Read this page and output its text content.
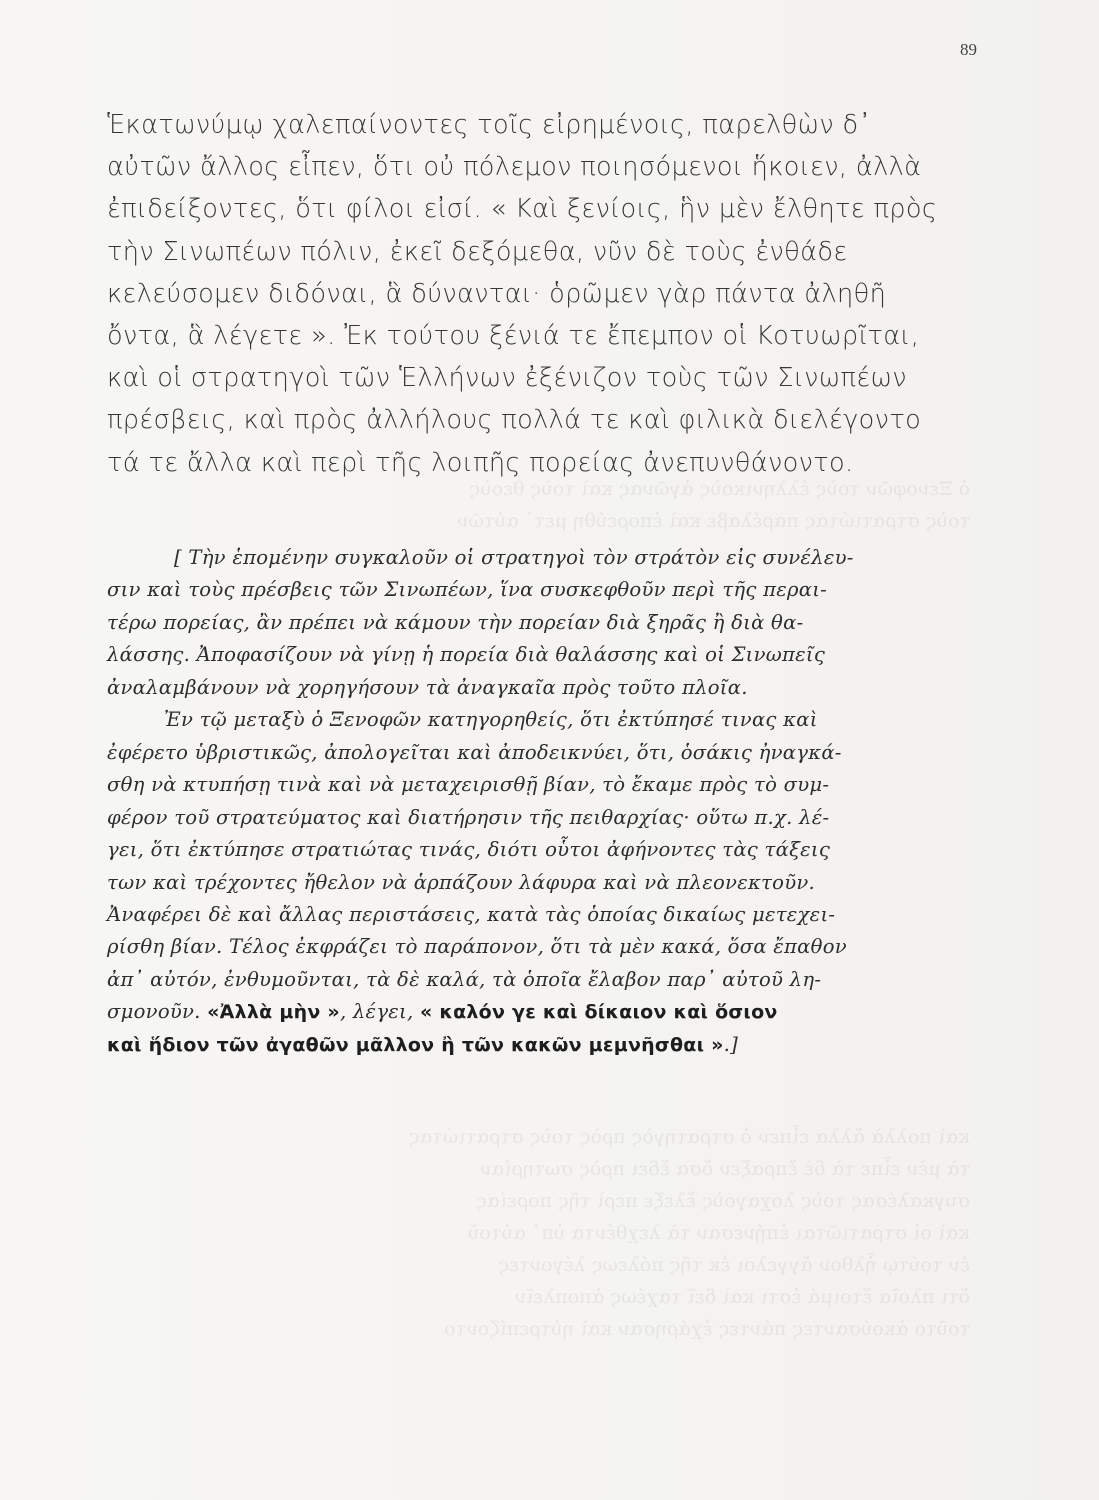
ὁ Ξενοφῶν τοὺς ἑλληνικοὺς ἀγῶνας καὶ τοὺς θεοὺς
τοὺς στρατιώτας παρέλαβε καὶ ἐπορεύθη μετ᾽ αὐτῶν
καὶ πολλὰ ἄλλα εἶπεν ὁ στρατηγὸς πρὸς τοὺς στρατιώτας
τὰ μὲν εἶπε τὰ δὲ ἔπραξεν ὅσα ἔδει πρὸς σωτηρίαν
συγκαλέσας τοὺς λοχαγοὺς ἔλεξε περὶ τῆς πορείας
καὶ οἱ στρατιῶται ἐπῄνεσαν τὰ λεχθέντα ὑπ᾽ αὐτοῦ
ἐν τούτῳ ἦλθον ἄγγελοι ἐκ τῆς πόλεως λέγοντες
ὅτι πλοῖα ἕτοιμά ἐστι καὶ δεῖ ταχέως ἀποπλεῖν
τοῦτο ἀκούσαντες πάντες ἐχάρησαν καὶ ηὐτρεπίζοντο
89
Ἑκατωνύμῳ χαλεπαίνοντες τοῖς εἰρημένοις, παρελθὼν δ᾽
αὐτῶν ἄλλος εἶπεν, ὅτι οὐ πόλεμον ποιησόμενοι ἥκοιεν, ἀλλὰ
ἐπιδείξοντες, ὅτι φίλοι εἰσί. « Καὶ ξενίοις, ἣν μὲν ἔλθητε πρὸς
τὴν Σινωπέων πόλιν, ἐκεῖ δεξόμεθα, νῦν δὲ τοὺς ἐνθάδε
κελεύσομεν διδόναι, ἃ δύνανται· ὁρῶμεν γὰρ πάντα ἀληθῆ
ὄντα, ἃ λέγετε ». Ἐκ τούτου ξένιά τε ἔπεμπον οἱ Κοτυωρῖται,
καὶ οἱ στρατηγοὶ τῶν Ἑλλήνων ἐξένιζον τοὺς τῶν Σινωπέων
πρέσβεις, καὶ πρὸς ἀλλήλους πολλά τε καὶ φιλικὰ διελέγοντο
τά τε ἄλλα καὶ περὶ τῆς λοιπῆς πορείας ἀνεπυνθάνοντο.
[ Τὴν ἑπομένην συγκαλοῦν οἱ στρατηγοὶ τὸν στράτὸν εἰς συνέλευ-
σιν καὶ τοὺς πρέσβεις τῶν Σινωπέων, ἵνα συσκεφθοῦν περὶ τῆς περαι-
τέρω πορείας, ἂν πρέπει νὰ κάμουν τὴν πορείαν διὰ ξηρᾶς ἢ διὰ θα-
λάσσης. Ἀποφασίζουν νὰ γίνῃ ἡ πορεία διὰ θαλάσσης καὶ οἱ Σινωπεῖς
ἀναλαμβάνουν νὰ χορηγήσουν τὰ ἀναγκαῖα πρὸς τοῦτο πλοῖα.
Ἐν τῷ μεταξὺ ὁ Ξενοφῶν κατηγορηθείς, ὅτι ἐκτύπησέ τινας καὶ
ἐφέρετο ὑβριστικῶς, ἀπολογεῖται καὶ ἀποδεικνύει, ὅτι, ὁσάκις ἠναγκά-
σθη νὰ κτυπήσῃ τινὰ καὶ νὰ μεταχειρισθῇ βίαν, τὸ ἔκαμε πρὸς τὸ συμ-
φέρον τοῦ στρατεύματος καὶ διατήρησιν τῆς πειθαρχίας· οὕτω π.χ. λέ-
γει, ὅτι ἐκτύπησε στρατιώτας τινάς, διότι οὗτοι ἀφήνοντες τὰς τάξεις
των καὶ τρέχοντες ἤθελον νὰ ἁρπάζουν λάφυρα καὶ νὰ πλεονεκτοῦν.
Ἀναφέρει δὲ καὶ ἄλλας περιστάσεις, κατὰ τὰς ὁποίας δικαίως μετεχει-
ρίσθη βίαν. Τέλος ἐκφράζει τὸ παράπονον, ὅτι τὰ μὲν κακά, ὅσα ἔπαθον
ἀπ᾽ αὐτόν, ἐνθυμοῦνται, τὰ δὲ καλά, τὰ ὁποῖα ἔλαβον παρ᾽ αὐτοῦ λη-
σμονοῦν. «Ἀλλὰ μὴν », λέγει, « καλόν γε καὶ δίκαιον καὶ ὅσιον
καὶ ἥδιον τῶν ἀγαθῶν μᾶλλον ἢ τῶν κακῶν μεμνῆσθαι ».]
